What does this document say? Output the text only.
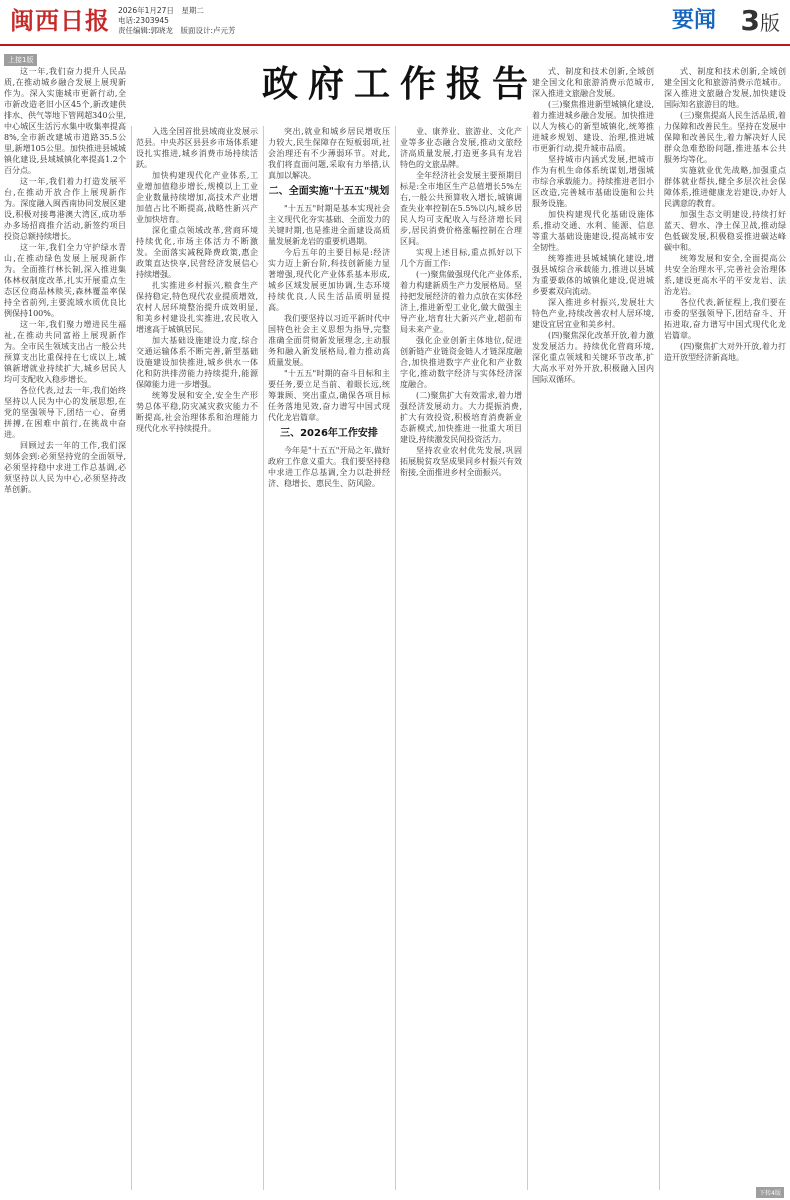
闽西日报 2026年1月27日　星期二
电话:2303945
责任编辑:郭晓龙　版面设计:卢元芳	要闻 3版
上接1版
政府工作报告

这一年,我们奋力提升人民品质,在推动城乡融合发展上展现新作为。深入实施城市更新行动,全市新改造老旧小区45个,新改建供排水、供气等地下管网超340公里,中心城区生活污水集中收集率提高8%,全市新改建城市道路35.5公里,新增105公里。加快推进县城城镇化建设,县域城镇化率提高1.2个百分点。

这一年,我们着力打造发展平台,在推动开放合作上展现新作为。深度融入闽西南协同发展区建设,积极对接粤港澳大湾区,成功举办多场招商推介活动,新签约项目投资总额持续增长。

这一年,我们全力守护绿水青山,在推动绿色发展上展现新作为。全面推行林长制,深入推进集体林权制度改革,扎实开展重点生态区位商品林赎买,森林覆盖率保持全省前列,主要流域水质优良比例保持100%。

这一年,我们聚力增进民生福祉,在推动共同富裕上展现新作为。全市民生领域支出占一般公共预算支出比重保持在七成以上,城镇新增就业持续扩大,城乡居民人均可支配收入稳步增长。

各位代表,过去一年,我们始终坚持以人民为中心的发展思想,在党的坚强领导下,团结一心、奋勇拼搏,在困难中前行,在挑战中奋进。

回顾过去一年的工作,我们深刻体会到:必须坚持党的全面领导,必须坚持稳中求进工作总基调,必须坚持以人民为中心,必须坚持改革创新。

入选全国首批县域商业发展示范县。中央苏区县县乡市场体系建设扎实推进,城乡消费市场持续活跃。

加快构建现代化产业体系,工业增加值稳步增长,规模以上工业企业数量持续增加,高技术产业增加值占比不断提高,战略性新兴产业加快培育。

深化重点领域改革,营商环境持续优化,市场主体活力不断激发。全面落实减税降费政策,惠企政策直达快享,民营经济发展信心持续增强。

扎实推进乡村振兴,粮食生产保持稳定,特色现代农业提质增效,农村人居环境整治提升成效明显,和美乡村建设扎实推进,农民收入增速高于城镇居民。

加大基础设施建设力度,综合交通运输体系不断完善,新型基础设施建设加快推进,城乡供水一体化和防洪排涝能力持续提升,能源保障能力进一步增强。

统筹发展和安全,安全生产形势总体平稳,防灾减灾救灾能力不断提高,社会治理体系和治理能力现代化水平持续提升。

突出,就业和城乡居民增收压力较大,民生保障存在短板弱项,社会治理还有不少薄弱环节。对此,我们将直面问题,采取有力举措,认真加以解决。

二、全面实施"十五五"规划

"十五五"时期是基本实现社会主义现代化夯实基础、全面发力的关键时期,也是推进全面建设高质量发展新龙岩的重要机遇期。

今后五年的主要目标是:经济实力迈上新台阶,科技创新能力显著增强,现代化产业体系基本形成,城乡区域发展更加协调,生态环境持续优良,人民生活品质明显提高。

我们要坚持以习近平新时代中国特色社会主义思想为指导,完整准确全面贯彻新发展理念,主动服务和融入新发展格局,着力推动高质量发展。

"十五五"时期的奋斗目标和主要任务,要立足当前、着眼长远,统筹兼顾、突出重点,确保各项目标任务落地见效,奋力谱写中国式现代化龙岩篇章。

三、2026年工作安排

今年是"十五五"开局之年,做好政府工作意义重大。我们要坚持稳中求进工作总基调,全力以赴拼经济、稳增长、惠民生、防风险。

业、康养业、旅游业、文化产业等多业态融合发展,推动文旅经济高质量发展,打造更多具有龙岩特色的文旅品牌。

全年经济社会发展主要预期目标是:全市地区生产总值增长5%左右,一般公共预算收入增长,城镇调查失业率控制在5.5%以内,城乡居民人均可支配收入与经济增长同步,居民消费价格涨幅控制在合理区间。

实现上述目标,重点抓好以下几个方面工作:

(一)聚焦做强现代化产业体系,着力构建新质生产力发展格局。坚持把发展经济的着力点放在实体经济上,推进新型工业化,做大做强主导产业,培育壮大新兴产业,超前布局未来产业。

强化企业创新主体地位,促进创新链产业链资金链人才链深度融合,加快推进数字产业化和产业数字化,推动数字经济与实体经济深度融合。

(二)聚焦扩大有效需求,着力增强经济发展动力。大力提振消费,扩大有效投资,积极培育消费新业态新模式,加快推进一批重大项目建设,持续激发民间投资活力。

坚持农业农村优先发展,巩固拓展脱贫攻坚成果同乡村振兴有效衔接,全面推进乡村全面振兴。

式、制度和技术创新,全域创建全国文化和旅游消费示范城市,深入推进文旅融合发展。

(三)聚焦推进新型城镇化建设,着力推进城乡融合发展。加快推进以人为核心的新型城镇化,统筹推进城乡规划、建设、治理,推进城市更新行动,提升城市品质。

坚持城市内涵式发展,把城市作为有机生命体系统谋划,增强城市综合承载能力。持续推进老旧小区改造,完善城市基础设施和公共服务设施。

加快构建现代化基础设施体系,推动交通、水利、能源、信息等重大基础设施建设,提高城市安全韧性。

统筹推进县城城镇化建设,增强县城综合承载能力,推进以县城为重要载体的城镇化建设,促进城乡要素双向流动。

深入推进乡村振兴,发展壮大特色产业,持续改善农村人居环境,建设宜居宜业和美乡村。

(四)聚焦深化改革开放,着力激发发展活力。持续优化营商环境,深化重点领域和关键环节改革,扩大高水平对外开放,积极融入国内国际双循环。

式、制度和技术创新,全域创建全国文化和旅游消费示范城市。深入推进文旅融合发展,加快建设国际知名旅游目的地。

(三)聚焦提高人民生活品质,着力保障和改善民生。坚持在发展中保障和改善民生,着力解决好人民群众急难愁盼问题,推进基本公共服务均等化。

实施就业优先战略,加强重点群体就业帮扶,健全多层次社会保障体系,推进健康龙岩建设,办好人民满意的教育。

加强生态文明建设,持续打好蓝天、碧水、净土保卫战,推动绿色低碳发展,积极稳妥推进碳达峰碳中和。

统筹发展和安全,全面提高公共安全治理水平,完善社会治理体系,建设更高水平的平安龙岩、法治龙岩。

各位代表,新征程上,我们要在市委的坚强领导下,团结奋斗、开拓进取,奋力谱写中国式现代化龙岩篇章。

(四)聚焦扩大对外开放,着力打造开放型经济新高地。

下转4版
